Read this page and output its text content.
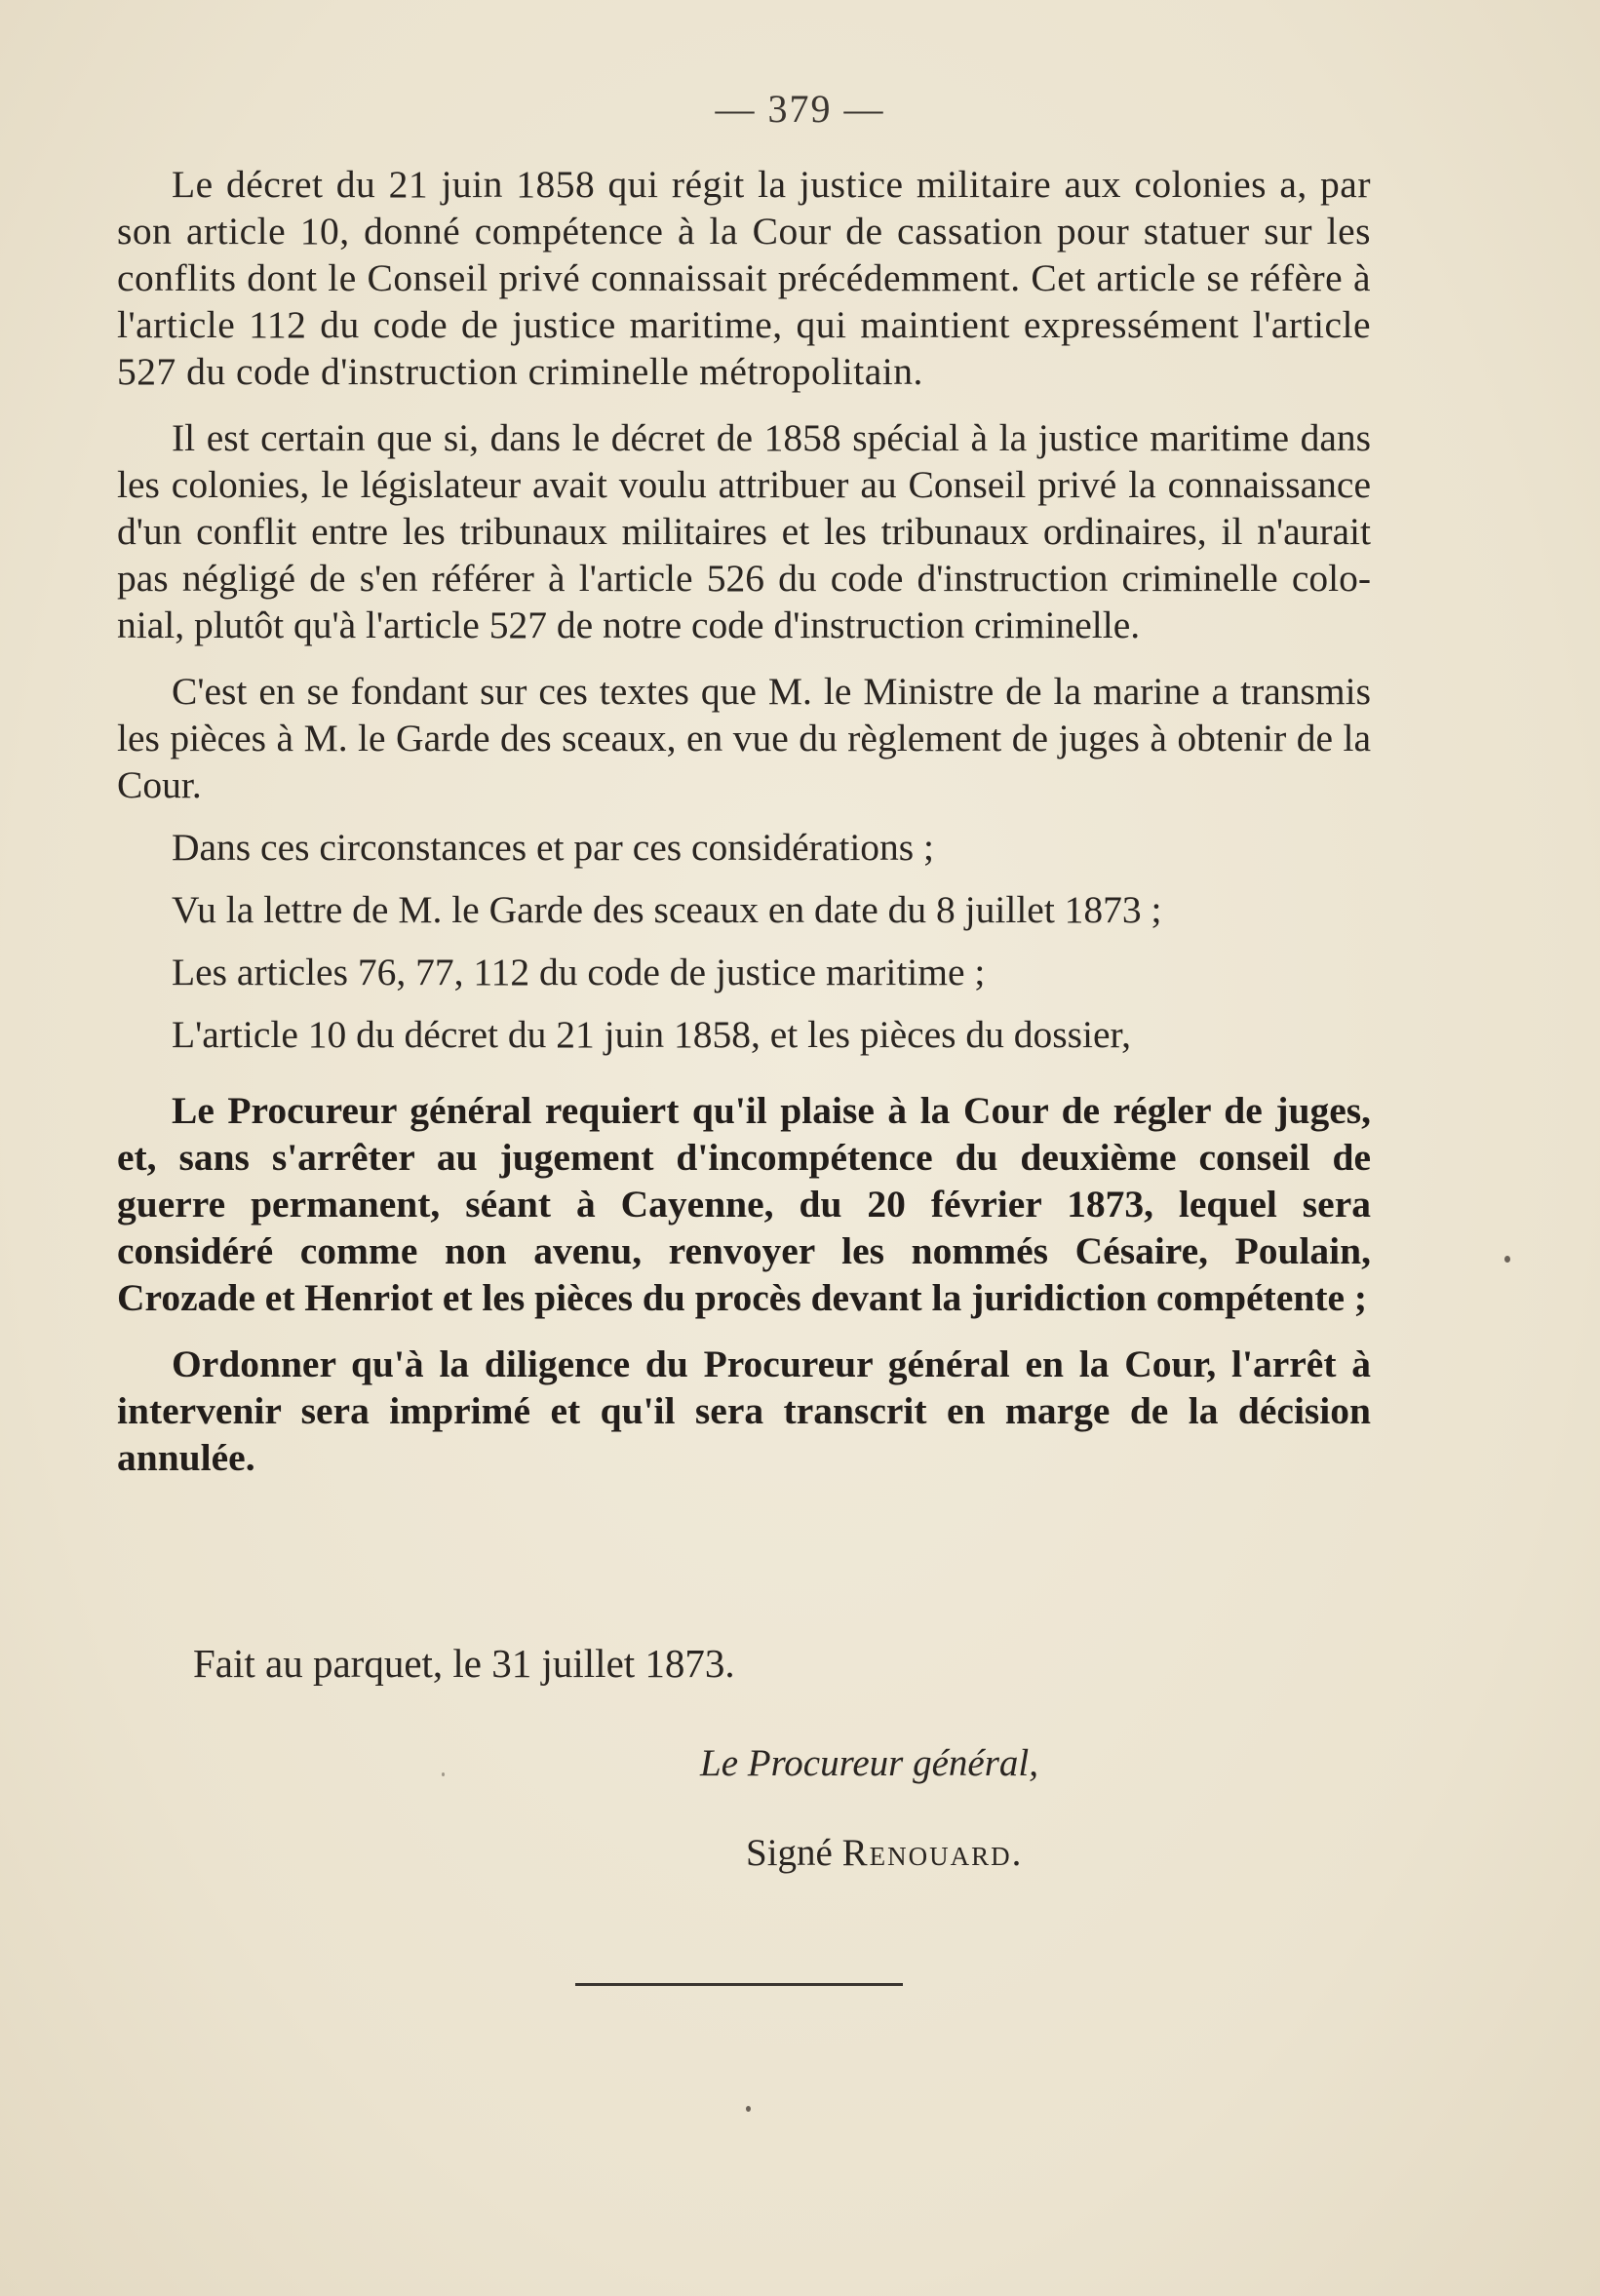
— 379 —

Le décret du 21 juin 1858 qui régit la justice militaire aux colonies a, par son article 10, donné compétence à la Cour de cassation pour statuer sur les conflits dont le Conseil privé connaissait précédemment. Cet article se réfère à l'article 112 du code de justice maritime, qui maintient expressément l'article 527 du code d'instruction criminelle métropolitain.

Il est certain que si, dans le décret de 1858 spécial à la justice maritime dans les colonies, le législateur avait voulu attribuer au Conseil privé la connaissance d'un conflit entre les tribunaux militaires et les tribunaux ordinaires, il n'aurait pas négligé de s'en référer à l'article 526 du code d'instruction criminelle colonial, plutôt qu'à l'article 527 de notre code d'instruction criminelle.

C'est en se fondant sur ces textes que M. le Ministre de la marine a transmis les pièces à M. le Garde des sceaux, en vue du règlement de juges à obtenir de la Cour.

Dans ces circonstances et par ces considérations ;

Vu la lettre de M. le Garde des sceaux en date du 8 juillet 1873 ;

Les articles 76, 77, 112 du code de justice maritime ;

L'article 10 du décret du 21 juin 1858, et les pièces du dossier,

Le Procureur général requiert qu'il plaise à la Cour de régler de juges, et, sans s'arrêter au jugement d'incompétence du deuxième conseil de guerre permanent, séant à Cayenne, du 20 février 1873, lequel sera considéré comme non avenu, renvoyer les nommés Césaire, Poulain, Crozade et Henriot et les pièces du procès devant la juridiction compétente ;

Ordonner qu'à la diligence du Procureur général en la Cour, l'arrêt à intervenir sera imprimé et qu'il sera transcrit en marge de la décision annulée.

Fait au parquet, le 31 juillet 1873.
Le Procureur général,
Signé Renouard.
